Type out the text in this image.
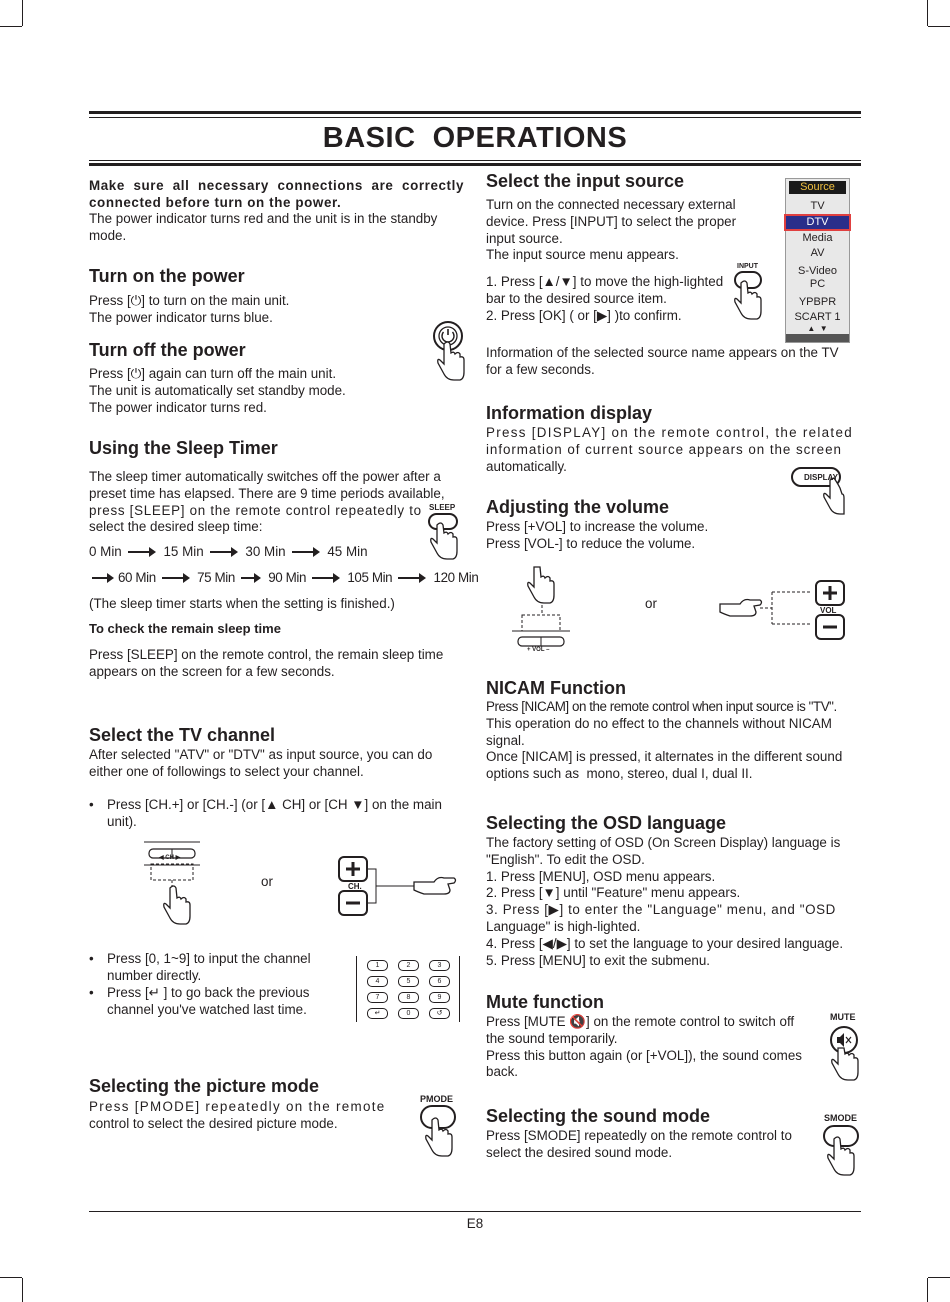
BASIC  OPERATIONS
Make sure all necessary connections are correctly connected before turn on the power.
The power indicator turns red and the unit is in the standby
mode.
Turn on the power
Press [⏻] to turn on the main unit.
The power indicator turns blue.
Turn off the power
Press [⏻] again can turn off the main unit.
The unit is automatically set standby mode.
The power indicator turns red.
Using the Sleep Timer
The sleep timer automatically switches off the power after a
preset time has elapsed. There are 9 time periods available,
press [SLEEP] on the remote control repeatedly to
select the desired sleep time:
SLEEP
0 Min	15 Min	30 Min	45 Min
60 Min	75 Min 90 Min	105 Min	120 Min
(The sleep timer starts when the setting is finished.)
To check the remain sleep time
Press [SLEEP] on the remote control, the remain sleep time
appears on the screen for a few seconds.
Select the TV channel
After selected "ATV" or "DTV" as input source, you can do
either one of followings to select your channel.
• Press [CH.+] or [CH.-] (or [▲ CH] or [CH ▼] on the main
unit).
◀ CH ▶
or	CH.
• Press [0, 1~9] to input the channel
number directly.
• Press [↵ ] to go back the previous
channel you've watched last time.
1	2	3
4	5	6
7	8	9
↵	0	↺
Selecting the picture mode
Press [PMODE] repeatedly on the remote
control to select the desired picture mode.
PMODE
Select the input source
Turn on the connected necessary external
device. Press [INPUT] to select the proper
input source.
The input source menu appears.
1. Press [▲/▼] to move the high-lighted
bar to the desired source item.
2. Press [OK] ( or [▶] )to confirm.
INPUT
Source
TV
DTV
Media
AV
S-Video
PC
YPBPR
SCART 1
▲  ▼
Information of the selected source name appears on the TV
for a few seconds.
Information display
Press [DISPLAY] on the remote control, the related
information of current source appears on the screen
automatically.
DISPLAY
Adjusting the volume
Press [+VOL] to increase the volume.
Press [VOL-] to reduce the volume.
+ VOL –
or	VOL
NICAM Function
Press [NICAM] on the remote control when input source is "TV".
This operation do no effect to the channels without NICAM
signal.
Once [NICAM] is pressed, it alternates in the different sound
options such as  mono, stereo, dual I, dual II.
Selecting the OSD language
The factory setting of OSD (On Screen Display) language is
"English". To edit the OSD.
1. Press [MENU], OSD menu appears.
2. Press [▼] until "Feature" menu appears.
3. Press [▶] to enter the "Language" menu, and "OSD
Language" is high-lighted.
4. Press [◀/▶] to set the language to your desired language.
5. Press [MENU] to exit the submenu.
Mute function
Press [MUTE 🔇] on the remote control to switch off
the sound temporarily.
Press this button again (or [+VOL]), the sound comes
back.
MUTE
Selecting the sound mode
Press [SMODE] repeatedly on the remote control to
select the desired sound mode.
SMODE
E8
